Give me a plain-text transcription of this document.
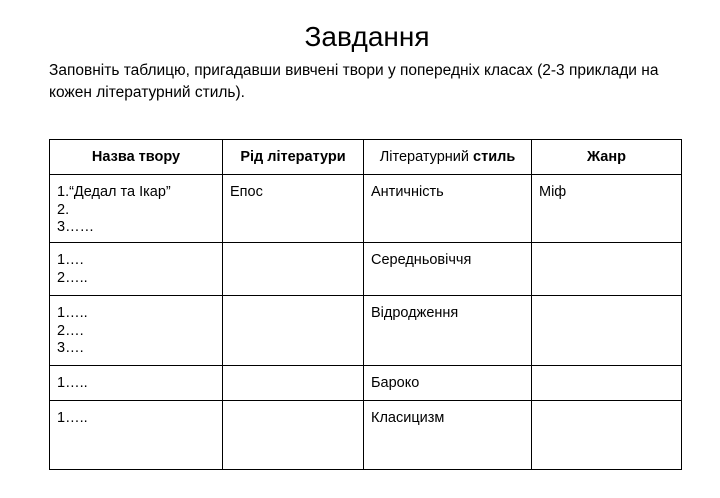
Завдання

Заповніть таблицю, пригадавши вивчені твори у попередніх класах (2-3 приклади на кожен літературний стиль).

Назва твору	Рід літератури	Літературний стиль	Жанр

1.“Дедал та Ікар”
2.
3……	Епос	Античність	Міф

1….
2…..		Середньовіччя	

1…..
2….
3….		Відродження	

1…..		Бароко	

1…..		Класицизм	
